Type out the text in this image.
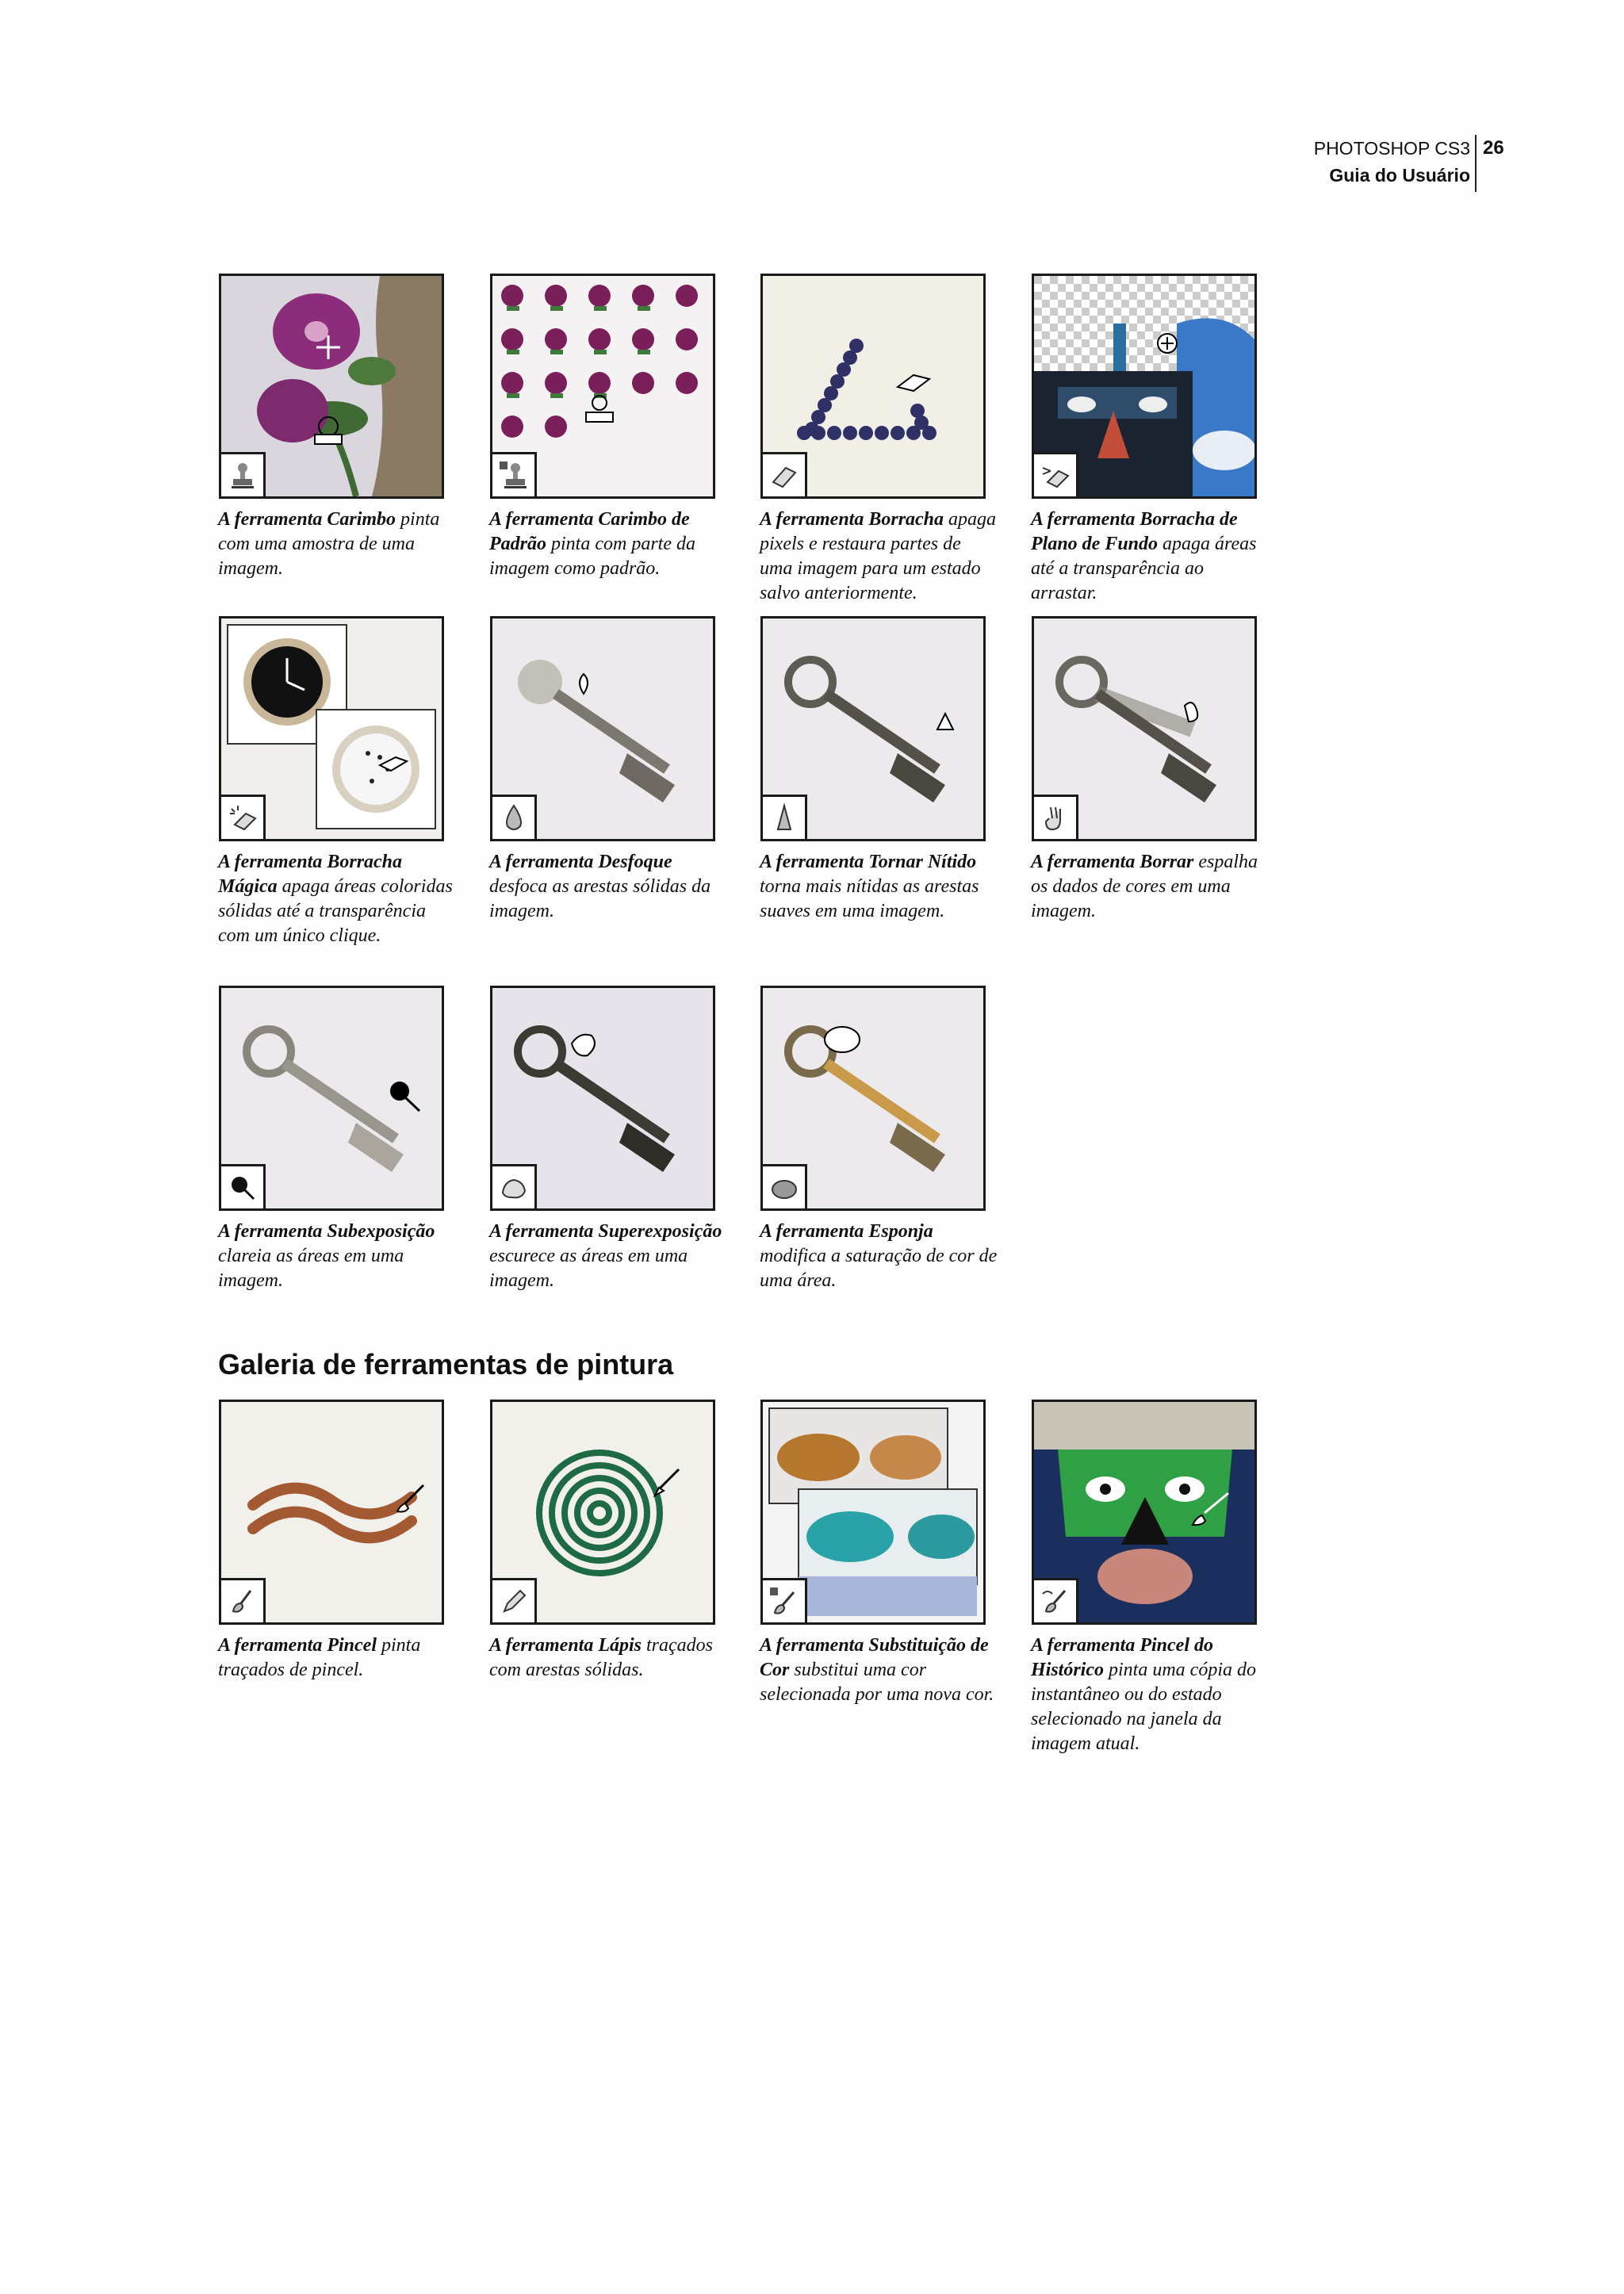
PHOTOSHOP CS3
Guia do Usuário
26
A ferramenta Carimbo pinta com uma amostra de uma imagem.
A ferramenta Carimbo de Padrão pinta com parte da imagem como padrão.
A ferramenta Borracha apaga pixels e restaura partes de uma imagem para um estado salvo anteriormente.
A ferramenta Borracha de Plano de Fundo apaga áreas até a transparência ao arrastar.
A ferramenta Borracha Mágica apaga áreas coloridas sólidas até a transparência com um único clique.
A ferramenta Desfoque desfoca as arestas sólidas da imagem.
A ferramenta Tornar Nítido torna mais nítidas as arestas suaves em uma imagem.
A ferramenta Borrar espalha os dados de cores em uma imagem.
A ferramenta Subexposição clareia as áreas em uma imagem.
A ferramenta Superexposição escurece as áreas em uma imagem.
A ferramenta Esponja modifica a saturação de cor de uma área.
Galeria de ferramentas de pintura
A ferramenta Pincel pinta traçados de pincel.
A ferramenta Lápis traçados com arestas sólidas.
A ferramenta Substituição de Cor substitui uma cor selecionada por uma nova cor.
A ferramenta Pincel do Histórico pinta uma cópia do instantâneo ou do estado selecionado na janela da imagem atual.
